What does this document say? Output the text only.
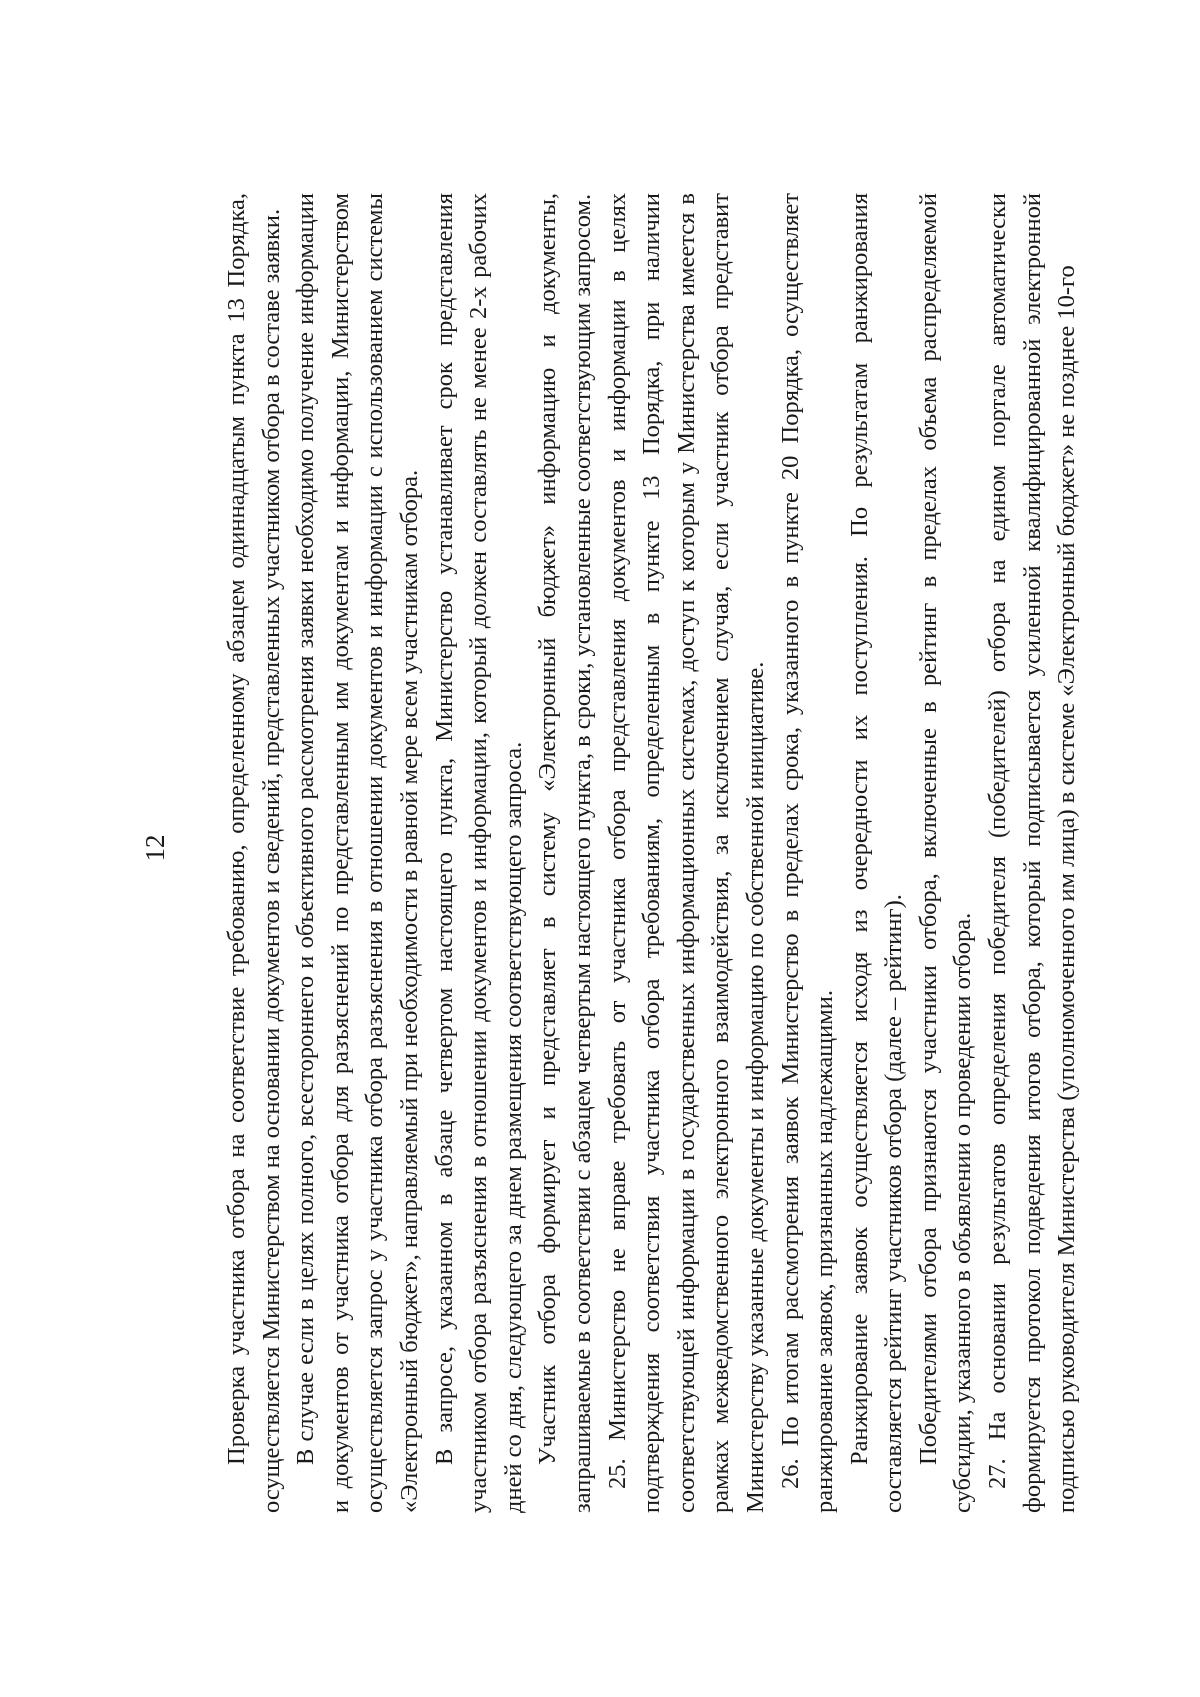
12 Проверка участника отбора на соответствие требованию, определенному абзацем одиннадцатым пункта 13 Порядка, осуществляется Министерством на основании документов и сведений, представленных участником отбора в составе заявки. В случае если в целях полного, всестороннего и объективного рассмотрения заявки необходимо получение информации и документов от участника отбора для разъяснений по представленным им документам и информации, Министерством осуществляется запрос у участника отбора разъяснения в отношении документов и информации с использованием системы «Электронный бюджет», направляемый при необходимости в равной мере всем участникам отбора. В запросе, указанном в абзаце четвертом настоящего пункта, Министерство устанавливает срок представления участником отбора разъяснения в отношении документов и информации, который должен составлять не менее 2-х рабочих дней со дня, следующего за днем размещения соответствующего запроса. Участник отбора формирует и представляет в систему «Электронный бюджет» информацию и документы, запрашиваемые в соответствии с абзацем четвертым настоящего пункта, в сроки, установленные соответствующим запросом. 25. Министерство не вправе требовать от участника отбора представления документов и информации в целях подтверждения соответствия участника отбора требованиям, определенным в пункте 13 Порядка, при наличии соответствующей информации в государственных информационных системах, доступ к которым у Министерства имеется в рамках межведомственного электронного взаимодействия, за исключением случая, если участник отбора представит Министерству указанные документы и информацию по собственной инициативе. 26. По итогам рассмотрения заявок Министерство в пределах срока, указанного в пункте 20 Порядка, осуществляет ранжирование заявок, признанных надлежащими. Ранжирование заявок осуществляется исходя из очередности их поступления. По результатам ранжирования составляется рейтинг участников отбора (далее – рейтинг). Победителями отбора признаются участники отбора, включенные в рейтинг в пределах объема распределяемой субсидии, указанного в объявлении о проведении отбора. 27. На основании результатов определения победителя (победителей) отбора на едином портале автоматически формируется протокол подведения итогов отбора, который подписывается усиленной квалифицированной электронной подписью руководителя Министерства (уполномоченного им лица) в системе «Электронный бюджет» не позднее 10-го
